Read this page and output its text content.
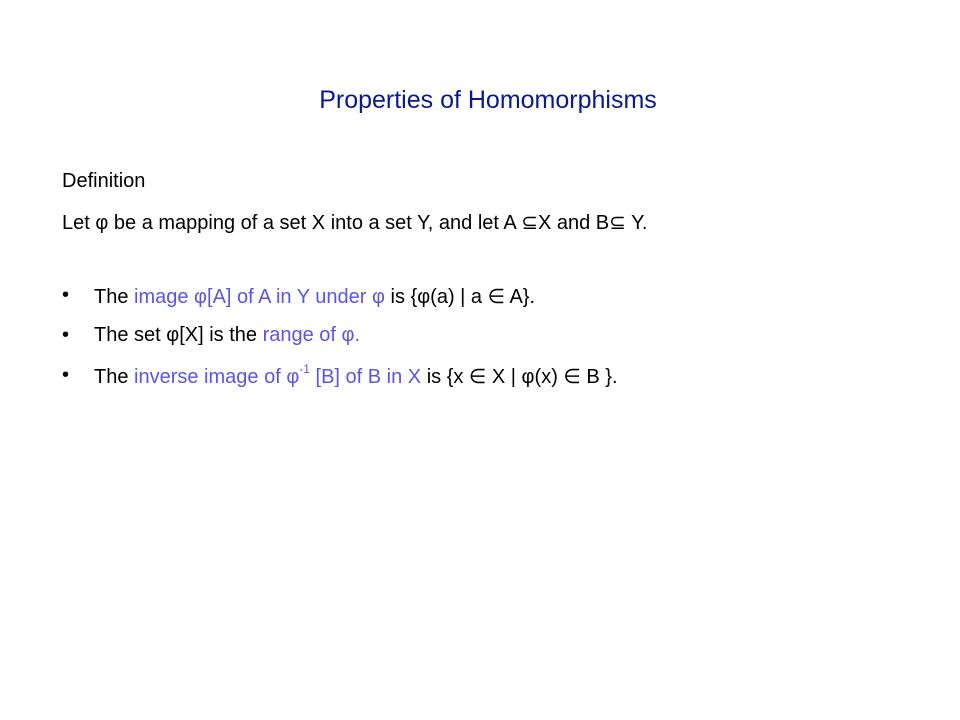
Properties of Homomorphisms
Definition
Let φ be a mapping of a set X into a set Y, and let A ⊆X and B⊆ Y.
• The image φ[A] of A in Y under φ is {φ(a) | a ∈ A}.
• The set φ[X] is the range of φ.
• The inverse image of $\varphi^{-1}$ [B] of B in X is {x ∈ X | φ(x) ∈ B }.
